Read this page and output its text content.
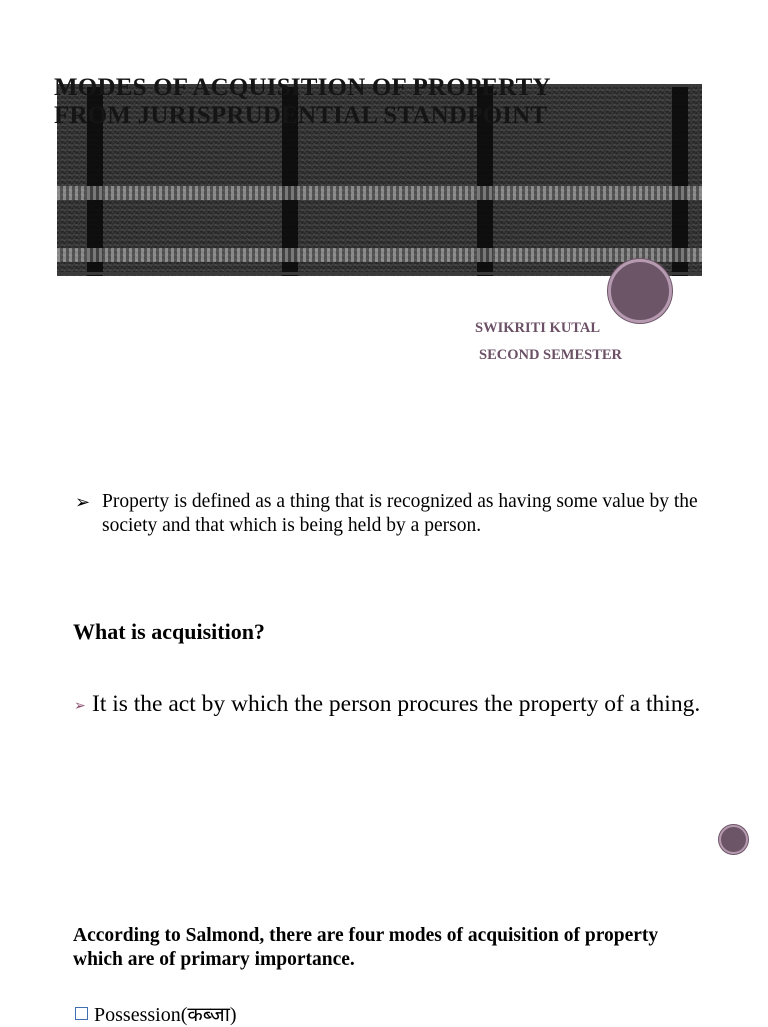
MODES OF ACQUISITION OF PROPERTY
FROM JURISPRUDENTIAL STANDPOINT
SWIKRITI KUTAL
SECOND SEMESTER
➢ Property is defined as a thing that is recognized as having some value by the society and that which is being held by a person.
What is acquisition?
➢ It is the act by which the person procures the property of a thing.

According to Salmond, there are four modes of acquisition of property which are of primary importance.

Possession(कब्जा)
